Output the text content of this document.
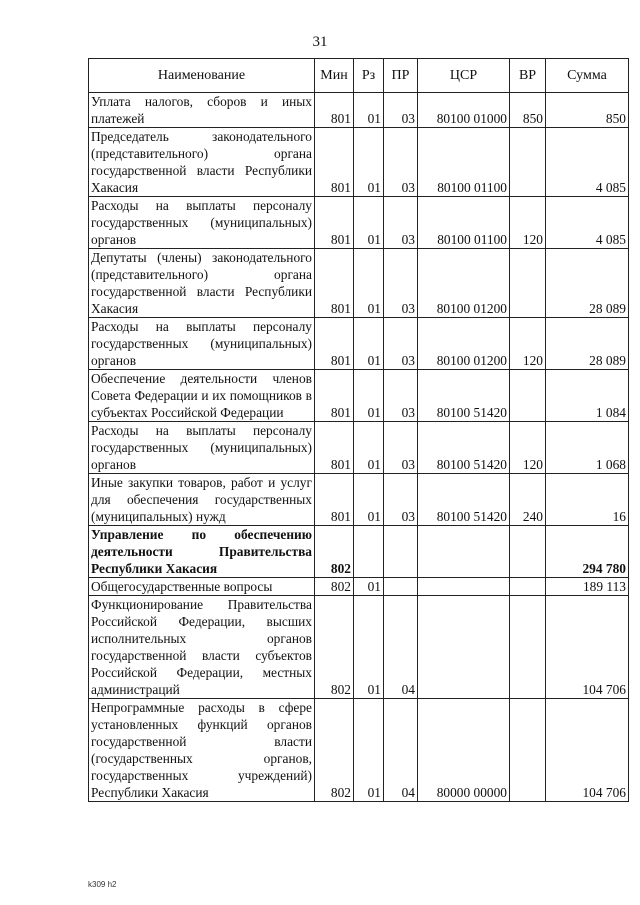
31
Наименование	Мин	Рз	ПР	ЦСР	ВР	Сумма
Уплата налогов, сборов и иных платежей	801	01	03	80100 01000	850	850
Председатель законодательного (представительного) органа государственной власти Республики Хакасия	801	01	03	80100 01100		4 085
Расходы на выплаты персоналу государственных (муниципальных) органов	801	01	03	80100 01100	120	4 085
Депутаты (члены) законодательного (представительного) органа государственной власти Республики Хакасия	801	01	03	80100 01200		28 089
Расходы на выплаты персоналу государственных (муниципальных) органов	801	01	03	80100 01200	120	28 089
Обеспечение деятельности членов Совета Федерации и их помощников в субъектах Российской Федерации	801	01	03	80100 51420		1 084
Расходы на выплаты персоналу государственных (муниципальных) органов	801	01	03	80100 51420	120	1 068
Иные закупки товаров, работ и услуг для обеспечения государственных (муниципальных) нужд	801	01	03	80100 51420	240	16
Управление по обеспечению деятельности Правительства Республики Хакасия	802					294 780
Общегосударственные вопросы	802	01				189 113
Функционирование Правительства Российской Федерации, высших исполнительных органов государственной власти субъектов Российской Федерации, местных администраций	802	01	04			104 706
Непрограммные расходы в сфере установленных функций органов государственной власти (государственных органов, государственных учреждений) Республики Хакасия	802	01	04	80000 00000		104 706
k309 h2
